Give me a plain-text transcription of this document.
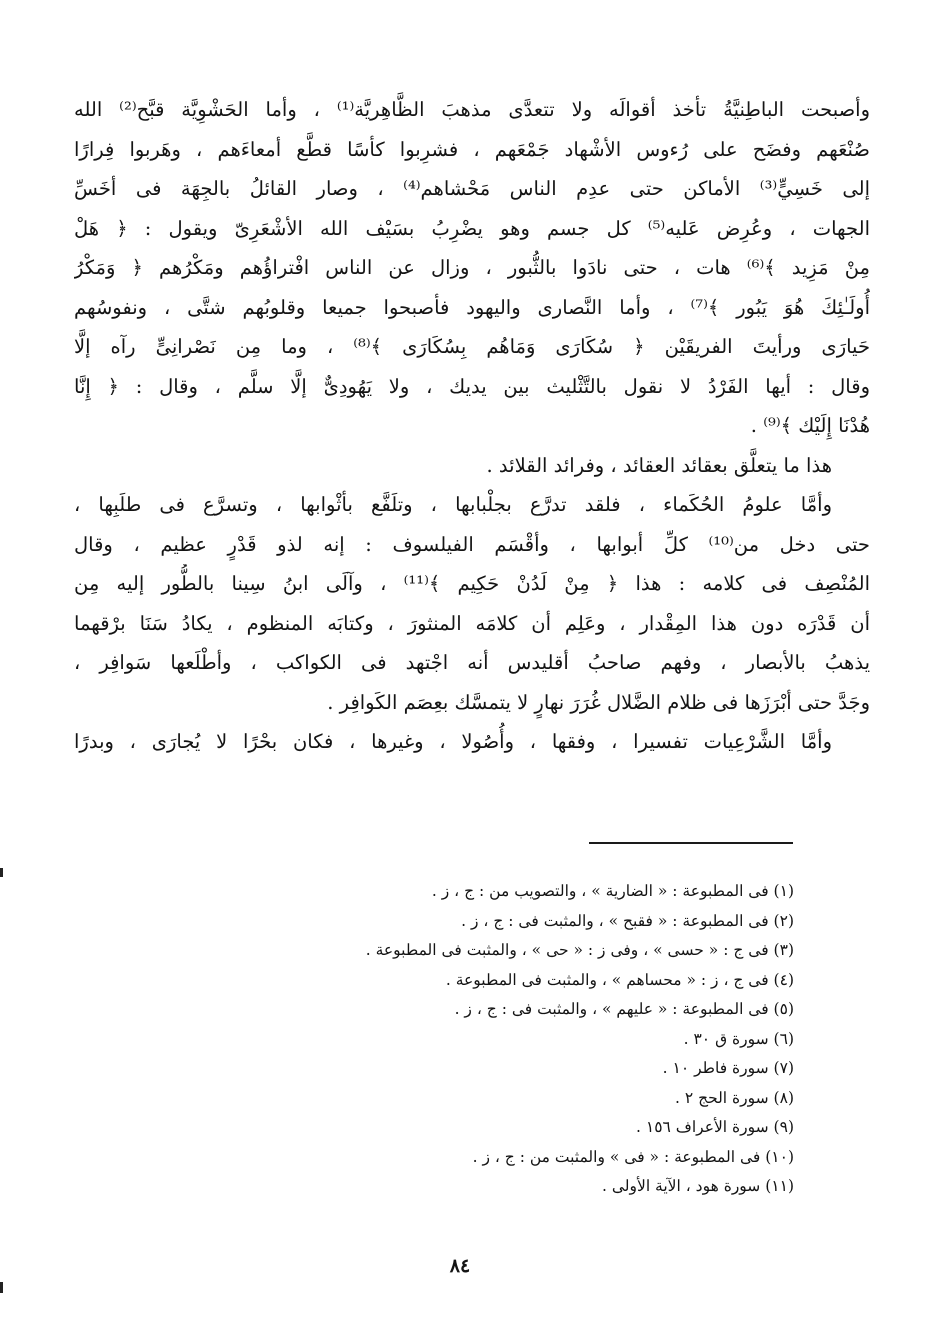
وأصبحت الباطِنيَّةُ تأخذ أقوالَه ولا تتعدَّى مذهبَ الظَّاهِريَّة⁽¹⁾ ، وأما الحَشْوِيَّة قبَّح⁽²⁾ الله
صُنْعَهم وفضَح على رُءوس الأشْهاد جَمْعَهم ، فشرِبوا كأسًا قطَّع أمعاءَهم ، وهَربوا فِرارًا
إلى خَسِيٍّ⁽³⁾ الأماكن حتى عدِم الناس مَحْشاهم⁽⁴⁾ ، وصار القائلُ بالجِهَة فى أخَسِّ
الجهات ، وعُرِض عَليه⁽⁵⁾ كل جسم وهو يضْرِبُ بسَيْف الله الأشْعَرِىّ ويقول : ﴿ هَلْ
مِنْ مَزِيد ﴾⁽⁶⁾ هات ، حتى نادَوا بالثُّبور ، وزال عن الناس افْتراؤُهم ومَكْرُهم ﴿ وَمَكْرُ
أُولَـٰئِكَ هُوَ يَبُور ﴾⁽⁷⁾ ، وأما النَّصارى واليهود فأصبحوا جميعا وقلوبُهم شتَّى ، ونفوسُهم
حَيارَى ورأيتَ الفريقَيْن ﴿ سُكَارَى وَمَاهُم بِسُكَارَى ﴾⁽⁸⁾ ، وما مِن نَصْرانِىٍّ رآه إلَّا
وقال : أيها الفَرْدُ لا نقول بالتَّثْليث بين يديك ، ولا يَهُودِىٌّ إلَّا سلَّم ، وقال : ﴿ إِنَّا
هُدْنَا إِلَيْك ﴾⁽⁹⁾ .
هذا ما يتعلَّق بعقائد العقائد ، وفرائد القلائد .
وأمَّا علومُ الحُكَماء ، فلقد تدرَّع بجلْبابها ، وتلَفَّع بأثْوابها ، وتسرَّع فى طلَبِها ،
حتى دخل من⁽¹⁰⁾ كلِّ أبوابها ، وأقْسَم الفيلسوف : إنه لذو قَدْرٍ عظيم ، وقال
المُنْصِف فى كلامه : هذا ﴿ مِنْ لَدُنْ حَكِيم ﴾⁽¹¹⁾ ، وآلَى ابنُ سِينا بالطُّور إليه مِن
أن قَدْرَه دون هذا المِقْدار ، وعَلِم أن كلامَه المنثورَ ، وكتابَه المنظوم ، يكادُ سَنَا برْقهما
يذهبُ بالأبصار ، وفهم صاحبُ أقليدس أنه اجْتهد فى الكواكب ، وأطْلَعها سَوافِر ،
وجَدَّ حتى أبْرَزَها فى ظلام الضَّلال غُرَرَ نهارٍ لا يتمسَّك بعِصَم الكَوافِر .
وأمَّا الشَّرْعِيات تفسيرا ، وفقها ، وأُصُولا ، وغيرها ، فكان بحْرًا لا يُجارَى ، وبدرًا
(١) فى المطبوعة : « الضارية » ، والتصويب من : ج ، ز .
(٢) فى المطبوعة : « فقبح » ، والمثبت فى : ج ، ز .
(٣) فى ج : « حسى » ، وفى ز : « حى » ، والمثبت فى المطبوعة .
(٤) فى ج ، ز : « محساهم » ، والمثبت فى المطبوعة .
(٥) فى المطبوعة : « عليهم » ، والمثبت فى : ج ، ز .
(٦) سورة ق ٣٠ .
(٧) سورة فاطر ١٠ .
(٨) سورة الحج ٢ .
(٩) سورة الأعراف ١٥٦ .
(١٠) فى المطبوعة : « فى » والمثبت من : ج ، ز .
(١١) سورة هود ، الآية الأولى .
٨٤
